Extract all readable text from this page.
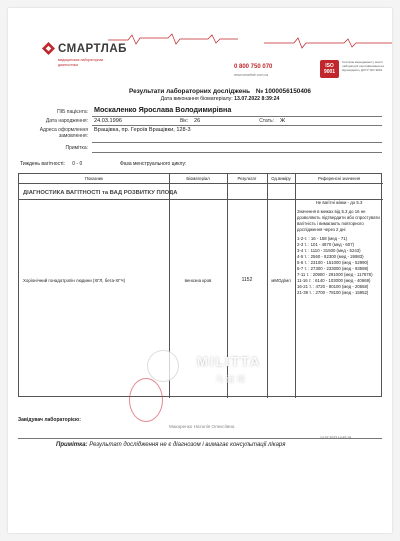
СМАРТЛАБ
медицинская лабораторная диагностика	0 800 750 070
www.smartlab.com.ua
ISO 9001
Система менеджменту якості лабораторії сертифікована на відповідність ДСТУ ISO 9001
Результати лабораторних досліджень № 1000056150406
Дата виконання біоматеріалу: 13.07.2022 8:39:24
ПІБ пацієнта: Москаленко Ярослава Володимирівна
Дата народження: 24.03.1996	Вік: 26	Стать: Ж
Адреса оформлення замовлення:
Вращівка, пр. Героїв Вращівки, 128-3
Примітка:
Тиждень вагітності: 0 - 0	Фаза менструального циклу:
Показник	Біоматеріал	Результат	Од.виміру	Референсні значення
ДІАГНОСТИКА ВАГІТНОСТІ та ВАД РОЗВИТКУ ПЛОДА
Хоріонічний гонадотропін людини (ХГЛ, бета-ХГЧ)	венозна кров	1152	мМОд/мл

Не вагітні жінки - до 5.3

Значення в межах від 5.3 до 16 не дозволяють підтвердити або спростувати вагітність і вимагають повторного дослідження через 2 дні

1-2-т. : 16 - 158 (мед - 71)

2-3 т. : 101 - 4870 (мед - 607)

3-4 т. : 1110 - 31500 (мед - 5243)

4-5 т. : 2560 - 82300 (мед - 26983)

5-6 т. : 23100 - 151000 (мед - 52990)

6-7 т. : 27300 - 233000 (мед - 93598)

7-11 т. : 20900 - 291000 (мед - 117678)

11-16 т. : 6140 - 103000 (мед - 40669)

16-21 т. : 4720 - 80100 (мед - 20658)

21-39 т. : 2700 - 78100 (мед - 15952)

Завідувач лабораторією:
Макаренко Наталія Олексіївна
14.07.2022 14:57:18
Примітка: Результат дослідження не є діагнозом і вимагає консультації лікаря
MILITTA
马丽塔
